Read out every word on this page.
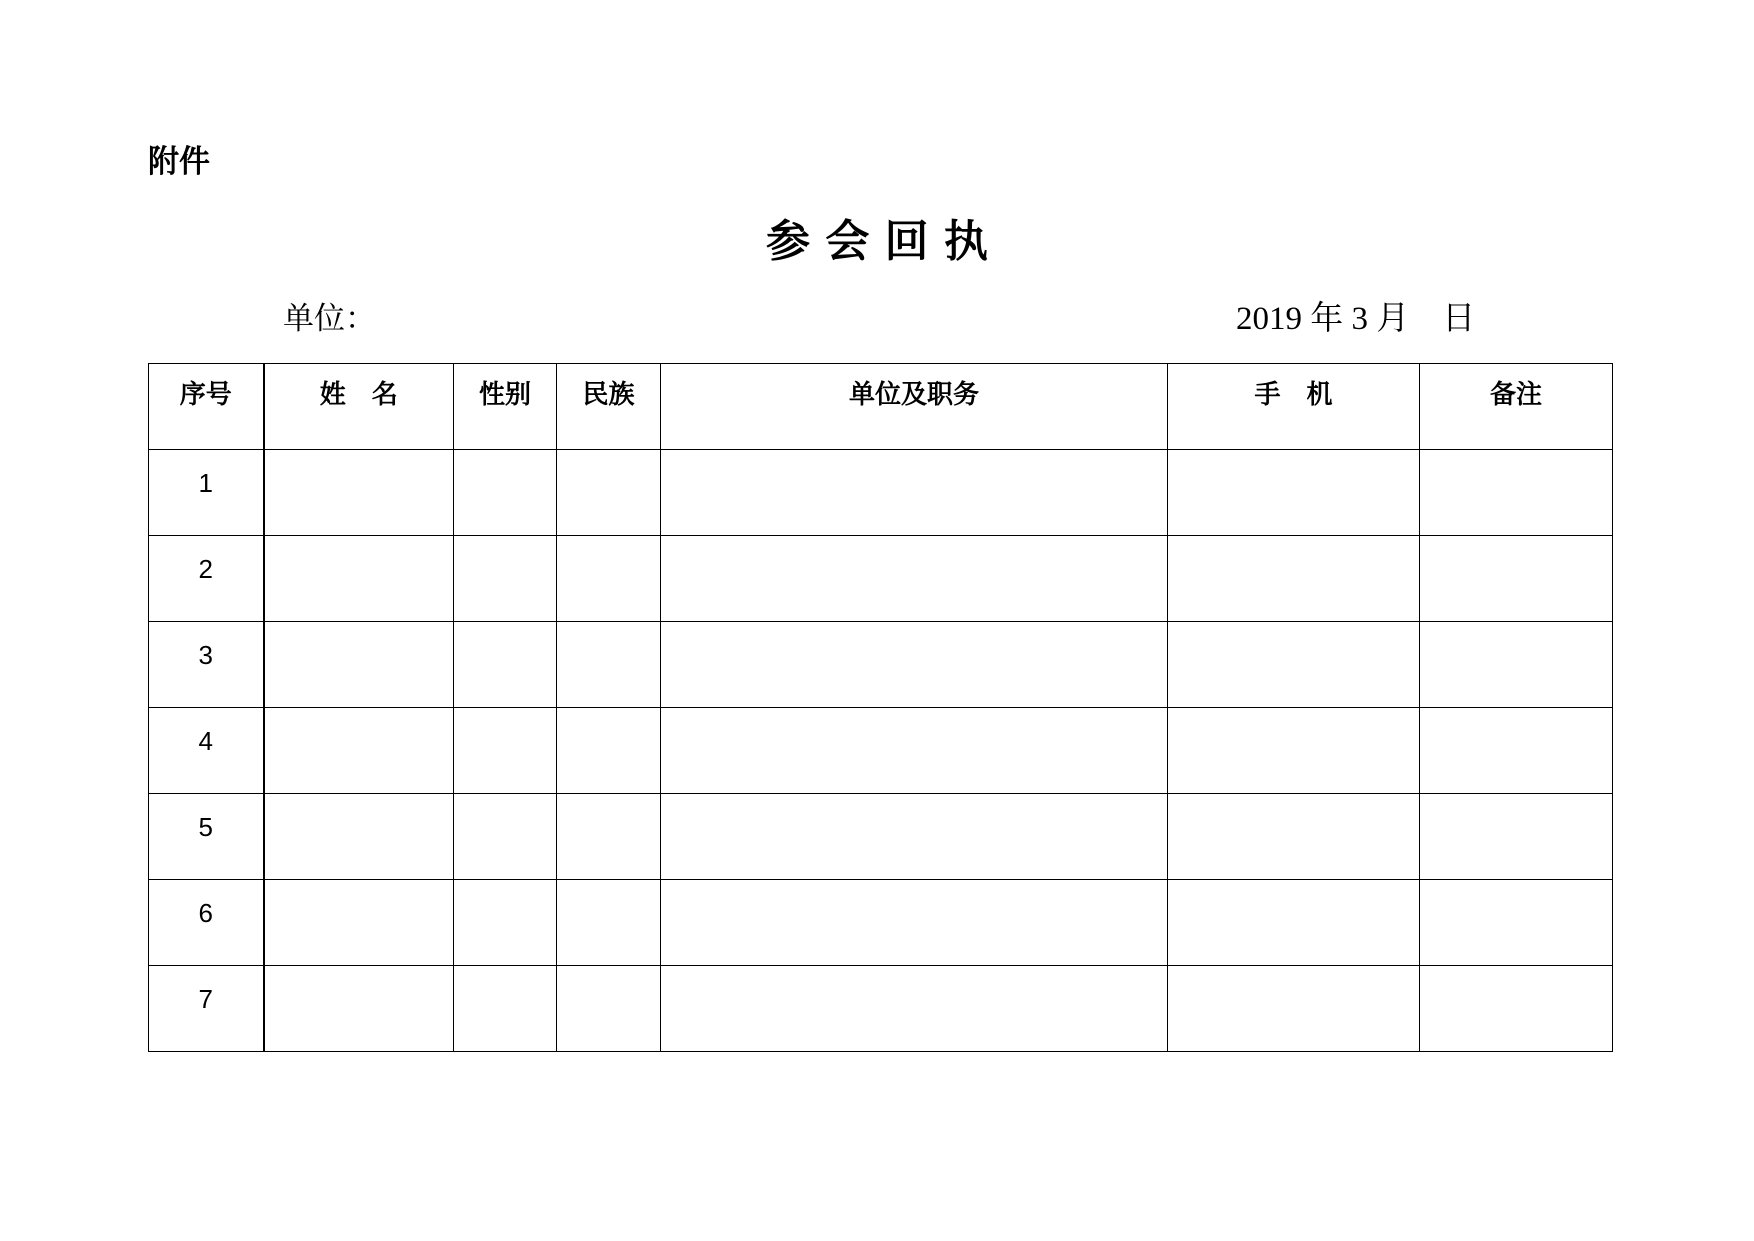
附件
参 会 回 执
单位：	2019 年 3 月    日
序号	姓　名	性别	民族	单位及职务	手　机	备注
1						
2						
3						
4						
5						
6						
7						
